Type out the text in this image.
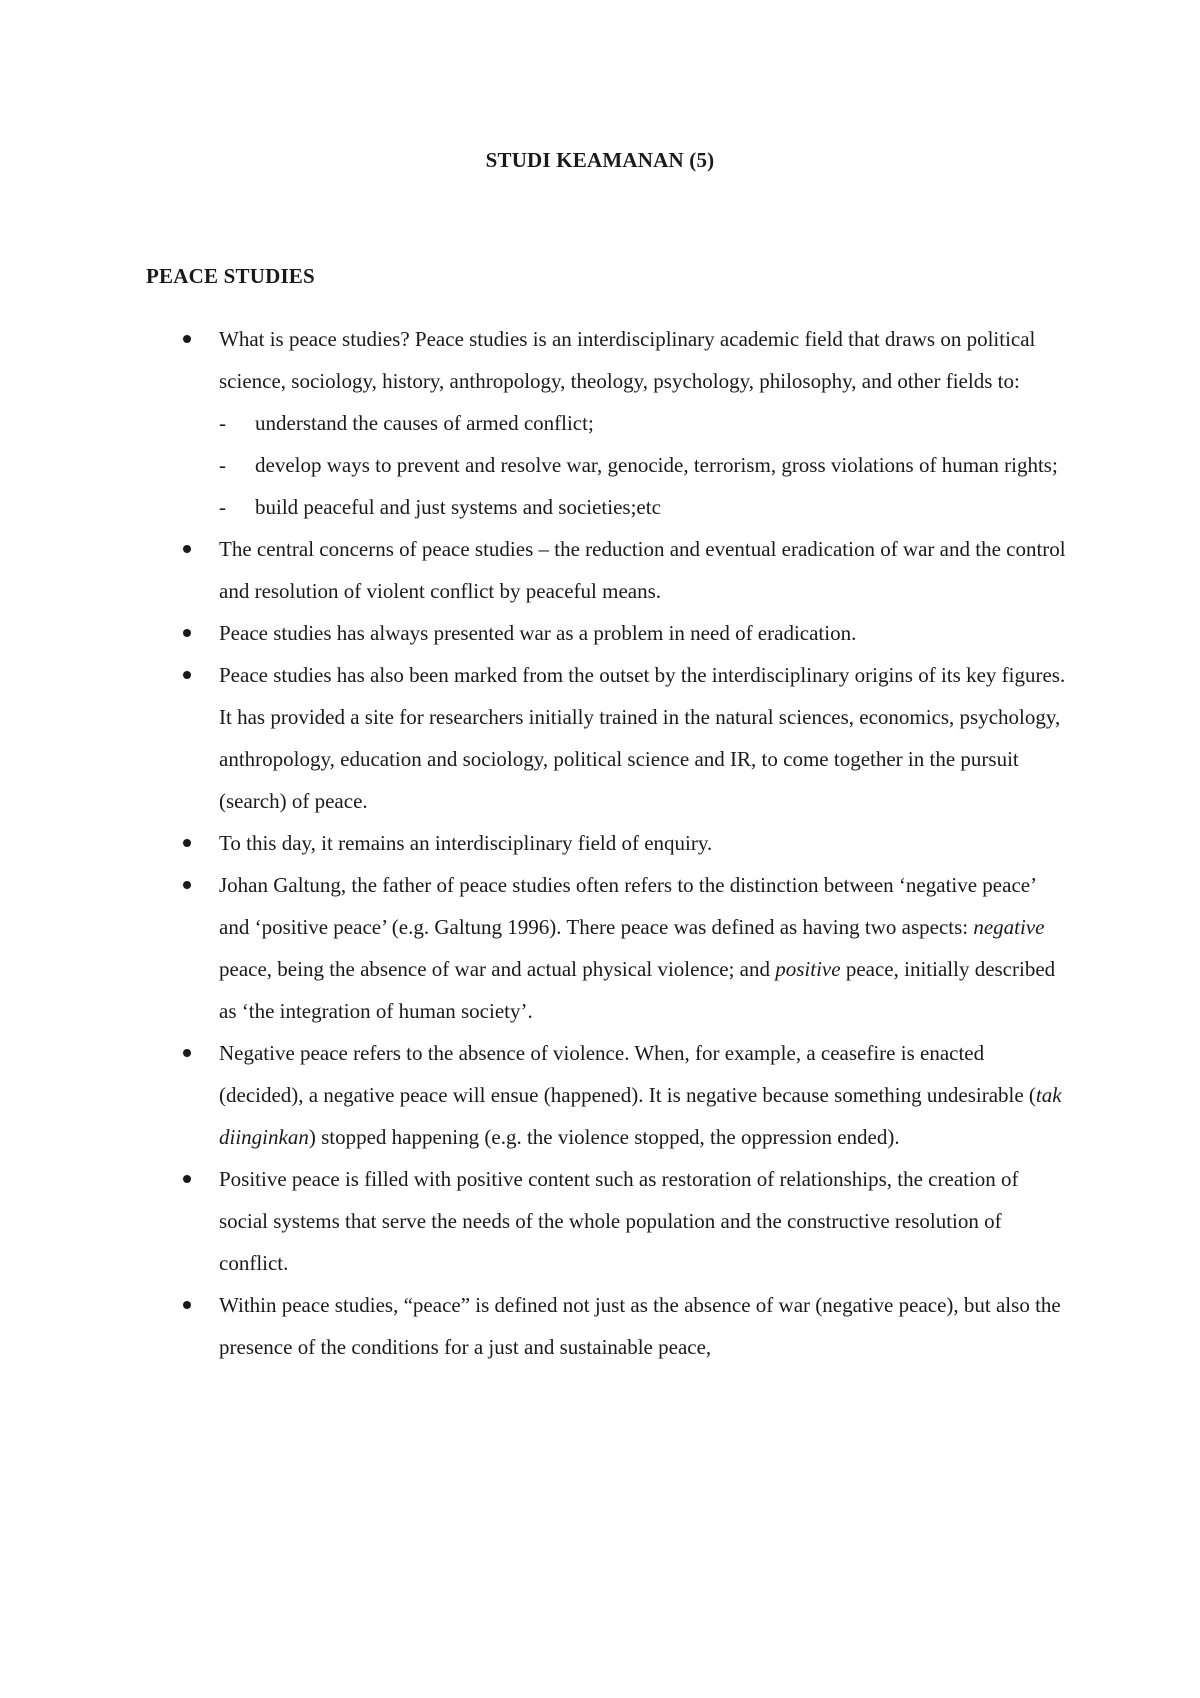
STUDI KEAMANAN (5)
PEACE STUDIES
What is peace studies? Peace studies is an interdisciplinary academic field that draws on political science, sociology, history, anthropology, theology, psychology, philosophy, and other fields to:
- understand the causes of armed conflict;
- develop ways to prevent and resolve war, genocide, terrorism, gross violations of human rights;
- build peaceful and just systems and societies;etc
The central concerns of peace studies – the reduction and eventual eradication of war and the control and resolution of violent conflict by peaceful means.
Peace studies has always presented war as a problem in need of eradication.
Peace studies has also been marked from the outset by the interdisciplinary origins of its key figures. It has provided a site for researchers initially trained in the natural sciences, economics, psychology, anthropology, education and sociology, political science and IR, to come together in the pursuit (search) of peace.
To this day, it remains an interdisciplinary field of enquiry.
Johan Galtung, the father of peace studies often refers to the distinction between ‘negative peace’ and ‘positive peace’ (e.g. Galtung 1996). There peace was defined as having two aspects: negative peace, being the absence of war and actual physical violence; and positive peace, initially described as ‘the integration of human society’.
Negative peace refers to the absence of violence. When, for example, a ceasefire is enacted (decided), a negative peace will ensue (happened). It is negative because something undesirable (tak diinginkan) stopped happening (e.g. the violence stopped, the oppression ended).
Positive peace is filled with positive content such as restoration of relationships, the creation of social systems that serve the needs of the whole population and the constructive resolution of conflict.
Within peace studies, “peace” is defined not just as the absence of war (negative peace), but also the presence of the conditions for a just and sustainable peace,
